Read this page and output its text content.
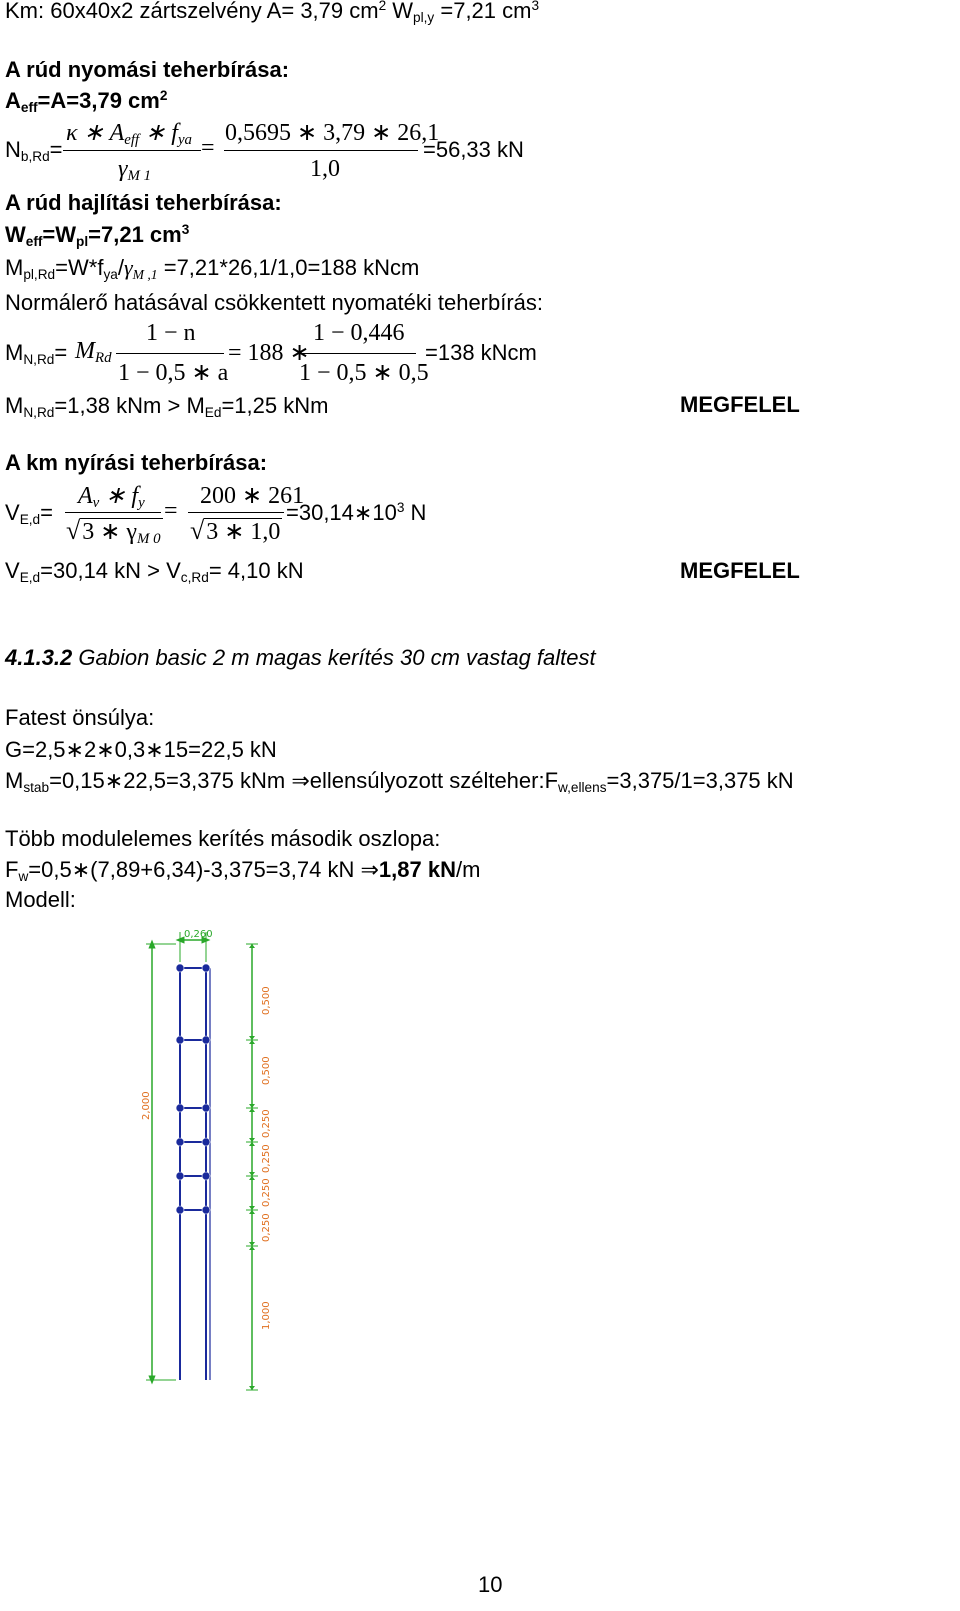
Km: 60x40x2 zártszelvény A= 3,79 $cm^2$ $W_{pl,y} =7,21$ $cm^3$
A rúd nyomási teherbírása:
$A_{eff}=A=3,79$ $cm^2$
$N_{b,Rd}=$
κ ∗ $A_{eff}$ ∗ $f_{ya}$
$\gamma_{M 1}$
=
0,5695 ∗ 3,79 ∗ 26,1
1,0
=56,33 kN
A rúd hajlítási teherbírása:
$W_{eff}=W_{pl}=7,21$ $cm^3$
$M_{pl,Rd}=W*f_{ya}/\gamma_{M ,1} =7,21*26,1/1,0=188$ kNcm
Normálerő hatásával csökkentett nyomatéki teherbírás:
$M_{N,Rd}= M_{Rd}$
1 − n
1 − 0,5 ∗ a
= 188 ∗
1 − 0,446
1 − 0,5 ∗ 0,5
=138 kNcm
$M_{N,Rd}=1,38$ kNm > $M_{Ed}=1,25$ kNm	MEGFELEL
A km nyírási teherbírása:
$V_{E,d}=$
$A_v$ ∗ $f_y$
√3 ∗ $\gamma_{M 0}$
=
200 ∗ 261
√3 ∗ 1,0
$=30,14∗10^3$ N
$V_{E,d}=30,14$ kN > $V_{c,Rd}= 4,10$ kN	MEGFELEL
4.1.3.2 Gabion basic 2 m magas kerítés 30 cm vastag faltest
Fatest önsúlya:
G=2,5∗2∗0,3∗15=22,5 kN
$M_{stab}=0,15∗22,5=3,375$ kNm ⇒ellensúlyozott $szélteher:F_{w,ellens}=3,375/1=3,375$ kN
Több modulelemes kerítés második oszlopa:
$F_w=0,5∗(7,89+6,34)-3,375=3,74$ kN ⇒1,87 kN/m
Modell:
0,260
2,000
0,500
0,500
0,250
0,250
0,250
0,250
1,000
10
